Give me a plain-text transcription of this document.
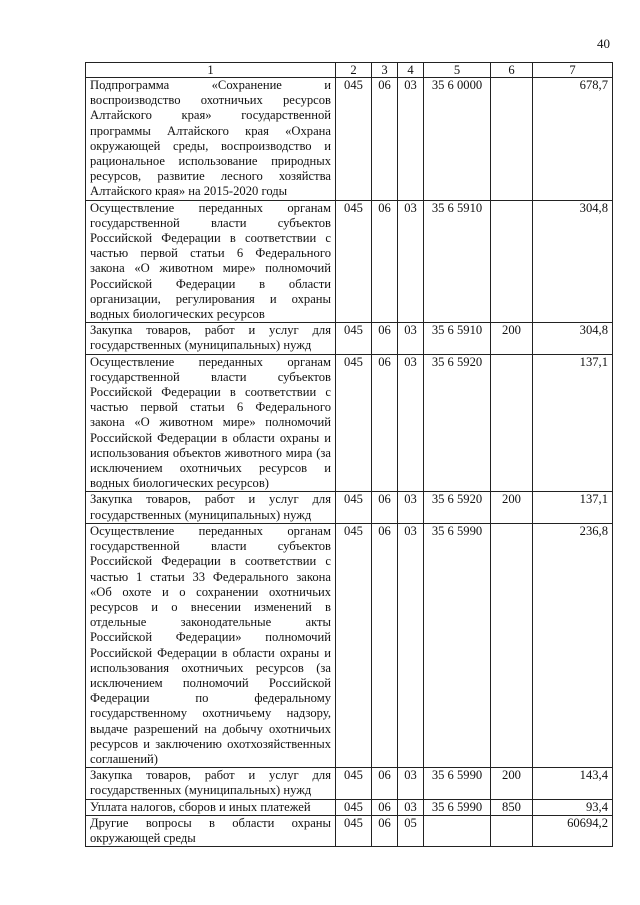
40
1	2	3	4	5	6	7
Подпрограмма «Сохранение и воспроизводство охотничьих ресурсов Алтайского края» государственной программы Алтайского края «Охрана окружающей среды, воспроизводство и рациональное использование природных ресурсов, развитие лесного хозяйства Алтайского края» на 2015-2020 годы	045	06	03	35 6 0000		678,7
Осуществление переданных органам государственной власти субъектов Российской Федерации в соответствии с частью первой статьи 6 Федерального закона «О животном мире» полномочий Российской Федерации в области организации, регулирования и охраны водных биологических ресурсов	045	06	03	35 6 5910		304,8
Закупка товаров, работ и услуг для государственных (муниципальных) нужд	045	06	03	35 6 5910	200	304,8
Осуществление переданных органам государственной власти субъектов Российской Федерации в соответствии с частью первой статьи 6 Федерального закона «О животном мире» полномочий Российской Федерации в области охраны и использования объектов животного мира (за исключением охотничьих ресурсов и водных биологических ресурсов)	045	06	03	35 6 5920		137,1
Закупка товаров, работ и услуг для государственных (муниципальных) нужд	045	06	03	35 6 5920	200	137,1
Осуществление переданных органам государственной власти субъектов Российской Федерации в соответствии с частью 1 статьи 33 Федерального закона «Об охоте и о сохранении охотничьих ресурсов и о внесении изменений в отдельные законодательные акты Российской Федерации» полномочий Российской Федерации в области охраны и использования охотничьих ресурсов (за исключением полномочий Российской Федерации по федеральному государственному охотничьему надзору, выдаче разрешений на добычу охотничьих ресурсов и заключению охотхозяйственных соглашений)	045	06	03	35 6 5990		236,8
Закупка товаров, работ и услуг для государственных (муниципальных) нужд	045	06	03	35 6 5990	200	143,4
Уплата налогов, сборов и иных платежей	045	06	03	35 6 5990	850	93,4
Другие вопросы в области охраны окружающей среды	045	06	05			60694,2
